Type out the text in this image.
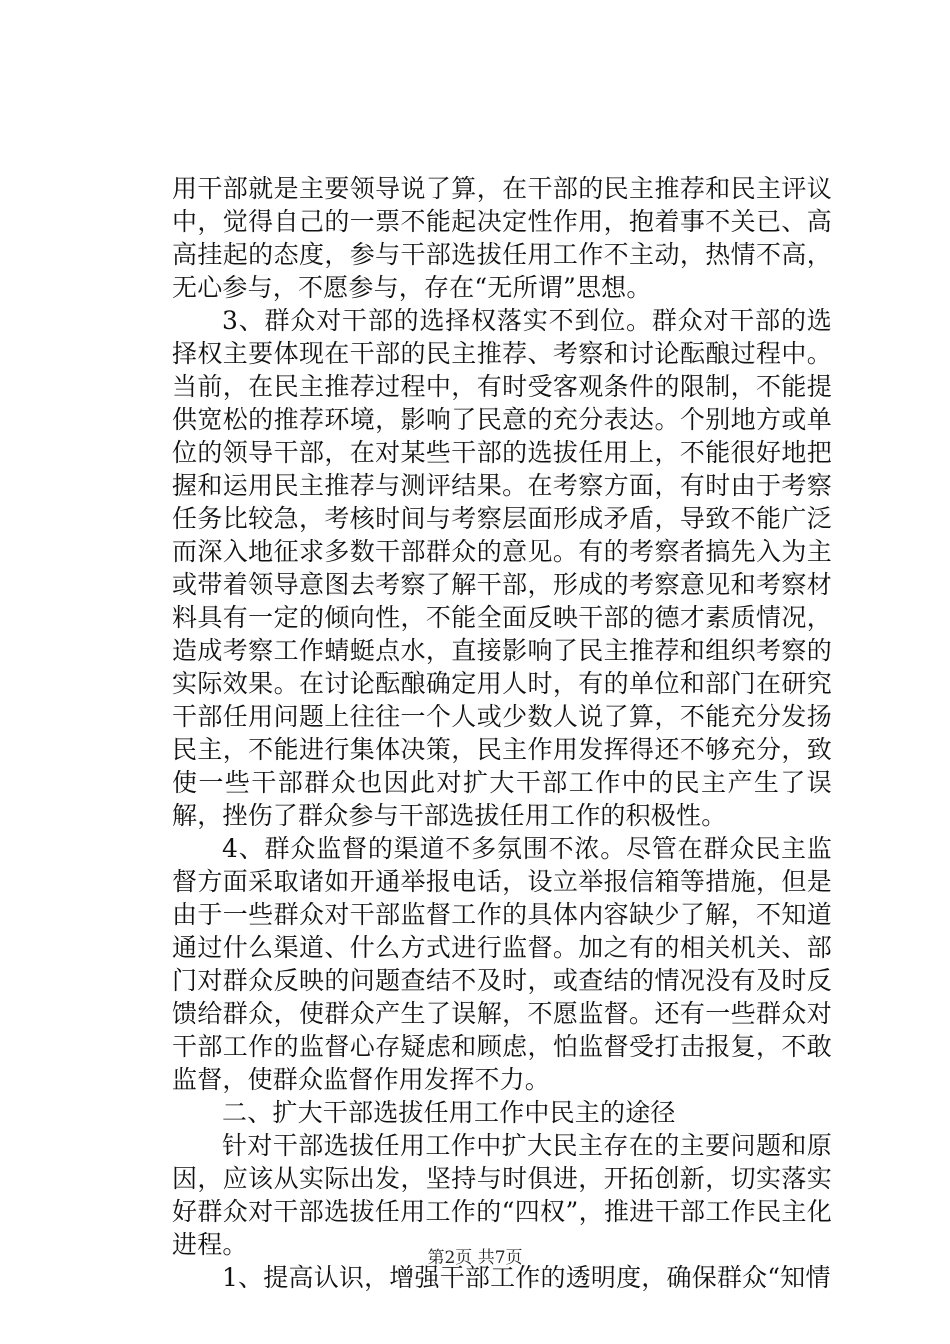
用干部就是主要领导说了算，在干部的民主推荐和民主评议中，觉得自己的一票不能起决定性作用，抱着事不关已、高高挂起的态度，参与干部选拔任用工作不主动，热情不高，无心参与，不愿参与，存在“无所谓”思想。

3、群众对干部的选择权落实不到位。群众对干部的选择权主要体现在干部的民主推荐、考察和讨论酝酿过程中。当前，在民主推荐过程中，有时受客观条件的限制，不能提供宽松的推荐环境，影响了民意的充分表达。个别地方或单位的领导干部，在对某些干部的选拔任用上，不能很好地把握和运用民主推荐与测评结果。在考察方面，有时由于考察任务比较急，考核时间与考察层面形成矛盾，导致不能广泛而深入地征求多数干部群众的意见。有的考察者搞先入为主或带着领导意图去考察了解干部，形成的考察意见和考察材料具有一定的倾向性，不能全面反映干部的德才素质情况，造成考察工作蜻蜓点水，直接影响了民主推荐和组织考察的实际效果。在讨论酝酿确定用人时，有的单位和部门在研究干部任用问题上往往一个人或少数人说了算，不能充分发扬民主，不能进行集体决策，民主作用发挥得还不够充分，致使一些干部群众也因此对扩大干部工作中的民主产生了误解，挫伤了群众参与干部选拔任用工作的积极性。

4、群众监督的渠道不多氛围不浓。尽管在群众民主监督方面采取诸如开通举报电话，设立举报信箱等措施，但是由于一些群众对干部监督工作的具体内容缺少了解，不知道通过什么渠道、什么方式进行监督。加之有的相关机关、部门对群众反映的问题查结不及时，或查结的情况没有及时反馈给群众，使群众产生了误解，不愿监督。还有一些群众对干部工作的监督心存疑虑和顾虑，怕监督受打击报复，不敢监督，使群众监督作用发挥不力。

二、扩大干部选拔任用工作中民主的途径

针对干部选拔任用工作中扩大民主存在的主要问题和原因，应该从实际出发，坚持与时俱进，开拓创新，切实落实好群众对干部选拔任用工作的“四权”，推进干部工作民主化进程。

1、提高认识，增强干部工作的透明度，确保群众“知情

第2页 共7页
